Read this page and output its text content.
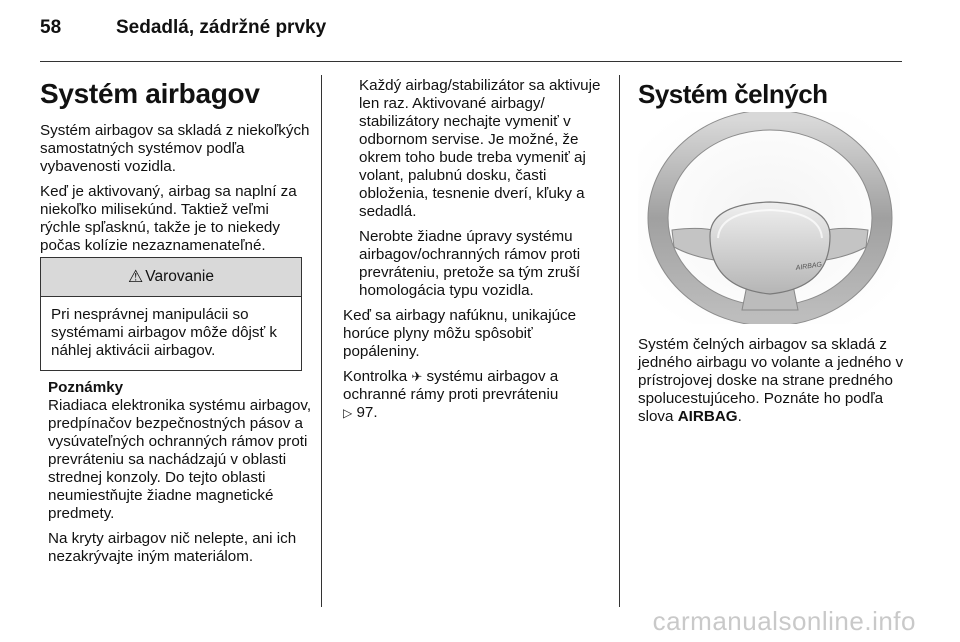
58	Sedadlá, zádržné prvky
Systém airbagov

Systém airbagov sa skladá z niekoľkých samostatných systémov podľa vybavenosti vozidla.

Keď je aktivovaný, airbag sa naplní za niekoľko milisekúnd. Taktiež veľmi rýchle spľasknú, takže je to niekedy počas kolízie nezaznamenateľné.

⚠ Varovanie
Pri nesprávnej manipulácii so systémami airbagov môže dôjsť k náhlej aktivácii airbagov.
Poznámky

Riadiaca elektronika systému airbagov, predpínačov bezpečnostných pásov a vysúvateľných ochranných rámov proti prevráteniu sa nachádzajú v oblasti strednej konzoly. Do tejto oblasti neumiestňujte žiadne magnetické predmety.

Na kryty airbagov nič nelepte, ani ich nezakrývajte iným materiálom.

Každý airbag/stabilizátor sa aktivuje len raz. Aktivované airbagy/ stabilizátory nechajte vymeniť v odbornom servise. Je možné, že okrem toho bude treba vymeniť aj volant, palubnú dosku, časti obloženia, tesnenie dverí, kľuky a sedadlá.

Nerobte žiadne úpravy systému airbagov/ochranných rámov proti prevráteniu, pretože sa tým zruší homologácia typu vozidla.

Keď sa airbagy nafúknu, unikajúce horúce plyny môžu spôsobiť popáleniny.

Kontrolka ✈ systému airbagov a ochranné rámy proti prevráteniu
▷ 97.

Systém čelných
AIRBAG

Systém čelných airbagov sa skladá z jedného airbagu vo volante a jedného v prístrojovej doske na strane predného spolucestujúceho. Poznáte ho podľa slova AIRBAG.

carmanualsonline.info
